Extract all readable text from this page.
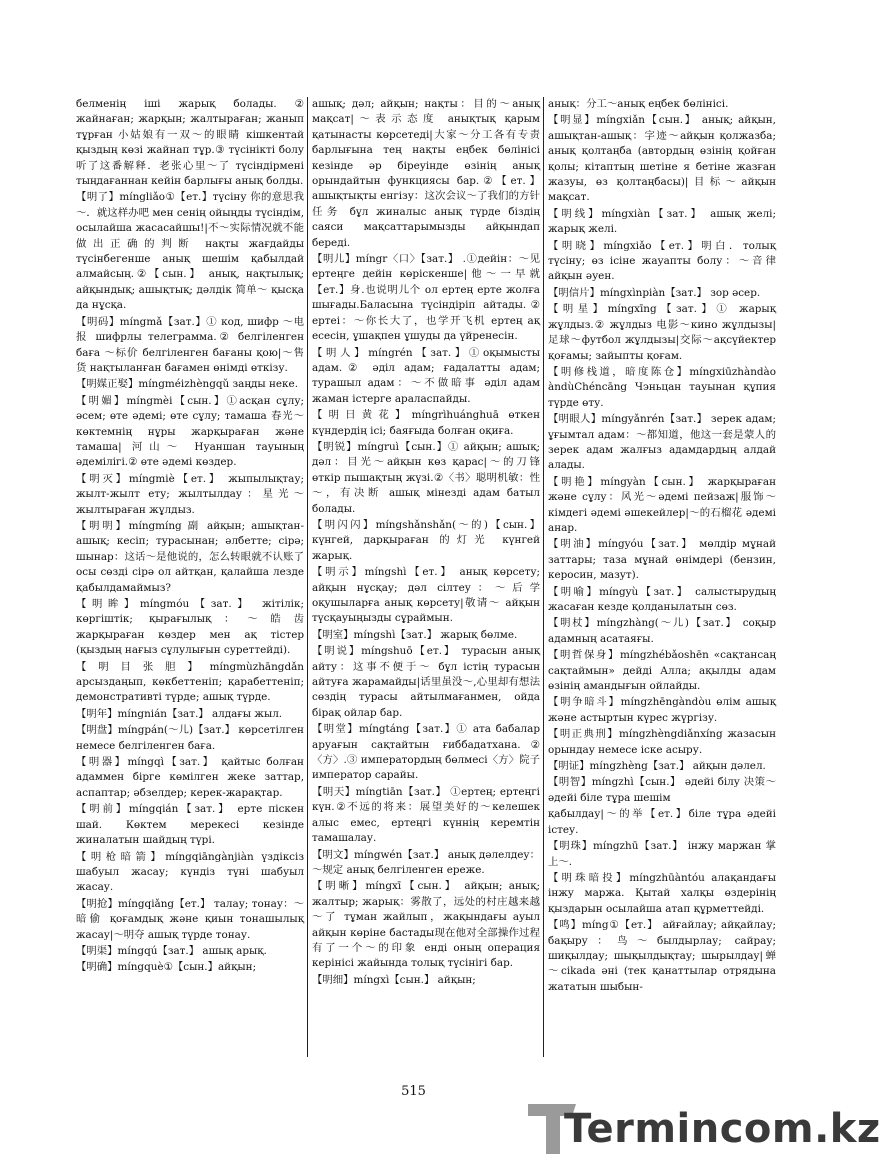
белменің ішi жарық болады. ② жайнаған; жарқын; жалтыраған; жанып тұрған 小姑娘有一双～的眼睛 кішкентай қыздың көзі жайнап тұр.③ түсінікті болу 听了这番解释．老张心里～了 түсіндірмені тыңдағаннан кейін барлығы анық болды.

【明了】míngliǎo①【ет.】түсіну 你的意思我～．就这样办吧 мен сенің ойыңды түсіндім, осылайша жасасайшы!|不～实际情况就不能做出正确的判断 нақты жағдайды түсінбегенше анық шешім қабылдай алмайсың.②【сын.】 анық, нақтылық; айқындық; ашықтық; дәлдік 简单～ қысқа да нұсқа.

【明码】míngmǎ【зат.】① код, шифр ～电报 шифрлы телеграмма.② белгіленген баға ～标价 белгіленген бағаны қою|～售货 нақтыланған бағамен өнімді өткізу.

【明媒正娶】míngméizhèngqǔ заңды неке.

【明媚】míngmèi【сын.】①асқан сұлу; әсем; өте әдемі; өте сұлу; тамаша 春光～көктемнің нұры жарқыраған және тамаша| 河山～ Нуаншан тауының әдемілігі.② өте әдемі көздер.

【明灭】míngmiè【ет.】 жыпылықтау; жылт-жылт ету; жылтылдау：星光～жылтыраған жұлдыз.

【明明】míngmíng 副 айқын; ашықтан-ашық; кесіп; турасынан; әлбетте; сірә; шынар：这话～是他说的，怎么转眼就不认账了 осы сөзді сірә ол айтқан, қалайша лезде қабылдамаймыз?

【明眸】míngmóu【зат.】 жітілік; көргіштік; қырағылық：～皓齿 жарқыраған көздер мен ақ тістер (қыздың нағыз сұлулығын суреттейді).

【明目张胆】míngmùzhāngdǎn арсыздаңып, көкбеттеніп; қарабеттеніп; демонстративті түрде; ашық түрде.

【明年】míngnián【зат.】 алдағы жыл.

【明盘】míngpán(～儿)【зат.】 көрсетілген немесе белгіленген баға.

【明器】míngqì【зат.】 қайтыс болған адаммен бірге көмілген жеке заттар, аспаптар; әбзелдер; керек-жарақтар.

【明前】míngqián【зат.】 ерте піскен шай. Көктем мерекесі кезінде жиналатын шайдың түрі.

【明枪暗箭】míngqiāngànjiàn үздіксіз шабуыл жасау; күндіз түні шабуыл жасау.

【明抢】míngqiǎng【ет.】 талау; тонау：～暗偷 қоғамдық және қиын тонашылық жасау|～明夺 ашық түрде тонау.

【明渠】míngqú【зат.】 ашық арық.

【明确】míngquè①【сын.】айқын;

ашық; дәл; айқын; нақты：目的～анық мақсат|～表示态度 анықтық қарым қатынасты көрсетеді|大家～分工各有专责 барлығына тең нақты еңбек бөлінісі кезінде әр біреуінде өзінің анық орындайтын функциясы бар.②【ет.】 ашықтықты енгізу：这次会议～了我们的方针任务 бұл жиналыс анық түрде біздің саяси мақсаттарымызды айқындап береді.

【明儿】míngr〈口〉【зат.】 .①дейін：～见 ертеңге дейін көріскенше|他～一早就【ет.】身.也说明儿个 ол ертең ерте жолға шығады.Баласына түсіндіріп айтады.② ертеі：～你长大了，也学开飞机 ертең ақ есесін, ұшақпен ұшуды да үйренесін.

【明人】míngrén【зат.】①оқымысты адам.② әділ адам; ғадалатты адам; турашыл адам：～不做暗事 әділ адам жаман істерге араласпайды.

【明日黄花】míngrìhuánghuā өткен күндердің ісі; баяғыда болған оқиға.

【明锐】míngruì【сын.】① айқын; ашық; дәл：目光～айқын көз қарас|～的刀锋 өткір пышақтың жүзі.②〈书〉聪明机敏：性～，有决断 ашық мінезді адам батыл болады.

【明闪闪】míngshǎnshǎn(～的)【сын.】күнгей, дарқыраған 的灯光 күнгей жарық.

【明示】míngshì【ет.】 анық көрсету; айқын нұсқау; дәл сілтеу：～后学 оқушыларға анық көрсету|敬请～ айқын түсқауыңызды сұраймын.

【明室】míngshì【зат.】 жарық бөлме.

【明说】míngshuō【ет.】 турасын анық айту：这事不便于～ бұл істің турасын айтуға жарамайды|话里虽没～,心里却有想法 сөздің турасы айтылмағанмен, ойда бірақ ойлар бар.

【明堂】míngtáng【зат.】① ата бабалар аруағын сақтайтын ғиббадатхана.②〈方〉.③ императордың бөлмесі〈方〉院子 император сарайы.

【明天】míngtiān【зат.】 ①ертең; ертеңгі күн.②不远的将来：展望美好的～келешек алыс емес, ертеңгі күннің керемтін тамашалау.

【明文】míngwén【зат.】 анық дәлелдеу：～规定 анық белгіленген ереже.

【明晰】míngxī【сын.】 айқын; анық; жалтыр; жарық：雾散了，远处的村庄越来越～了 тұман жайлып，жақындағы ауыл айқын көріне бастады现在他对全部操作过程有了一个～的印象 енді оның операция керінісі жайында толық түсінігі бар.

【明细】míngxì【сын.】 айқын;

анық：分工～анық еңбек бөлінісі.

【明显】míngxiǎn【сын.】 анық; айқын, ашықтан-ашық：字迹～айқын қолжазба; анық қолтаңба (автордың өзінің қойған қолы; кітаптың шетіне я бетіне жазған жазуы, өз қолтаңбасы)|目标～айқын мақсат.

【明线】míngxiàn【зат.】 ашық желі; жарық желі.

【明晓】míngxiǎo【ет.】明白．толық түсіну; өз ісіне жауапты болу：～音律 айқын әуен.

【明信片】míngxìnpiàn【зат.】 зор әсер.

【明星】míngxīng【зат.】① жарық жұлдыз.② жұлдыз 电影～кино жұлдызы|足球～футбол жұлдызы|交际～ақсүйектер қоғамы; зайыпты қоғам.

【明修栈道，暗度陈仓】míngxiūzhàndào àndùChéncāng Чэньцан тауынан құпия түрде өту.

【明眼人】míngyǎnrén【зат.】 зерек адам; ұғымтал адам：～都知道，他这一套是蒙人的 зерек адам жалғыз адамдардың алдай алады.

【明艳】míngyàn【сын.】 жарқыраған және сұлу：风光～әдемі пейзаж|服饰～ кімдегі әдемі әшекейлер|～的石榴花 әдемі анар.

【明油】míngyóu【зат.】 мөлдір мұнай заттары; таза мұнай өнімдері (бензин, керосин, мазут).

【明喻】míngyù【зат.】 салыстырудың жасаған кезде қолданылатын сөз.

【明杖】míngzhàng(～儿)【зат.】 соқыр адамның асатаяғы.

【明哲保身】míngzhébǎoshēn «сақтансаң сақтаймын» дейді Алла; ақылды адам өзінің амандығын ойлайды.

【明争暗斗】míngzhēngàndòu өлім ашық және астыртын күрес жүргізу.

【明正典刑】míngzhèngdiǎnxíng жазасын орындау немесе іске асыру.

【明证】míngzhèng【зат.】 айқын дәлел.

【明智】míngzhì【сын.】 әдейі білу 决策～әдейі біле тұра шешім

қабылдау|～的举【ет.】біле тұра әдейі істеу.

【明珠】míngzhū【зат.】 інжу маржан 掌上～.

【明珠暗投】míngzhūàntóu алақандағы інжу маржа. Қытай халқы өздерінің қыздарын осылайша атап құрметтейді.

【鸣】míng①【ет.】 айғайлау; айқайлау; бақыру：鸟～былдырлау; сайрау; шиқылдау; шықылдықтау; шырылдау|蝉～cikada әні (тек қанаттылар отрядына жататын шыбын-

515
Termincom.kz
